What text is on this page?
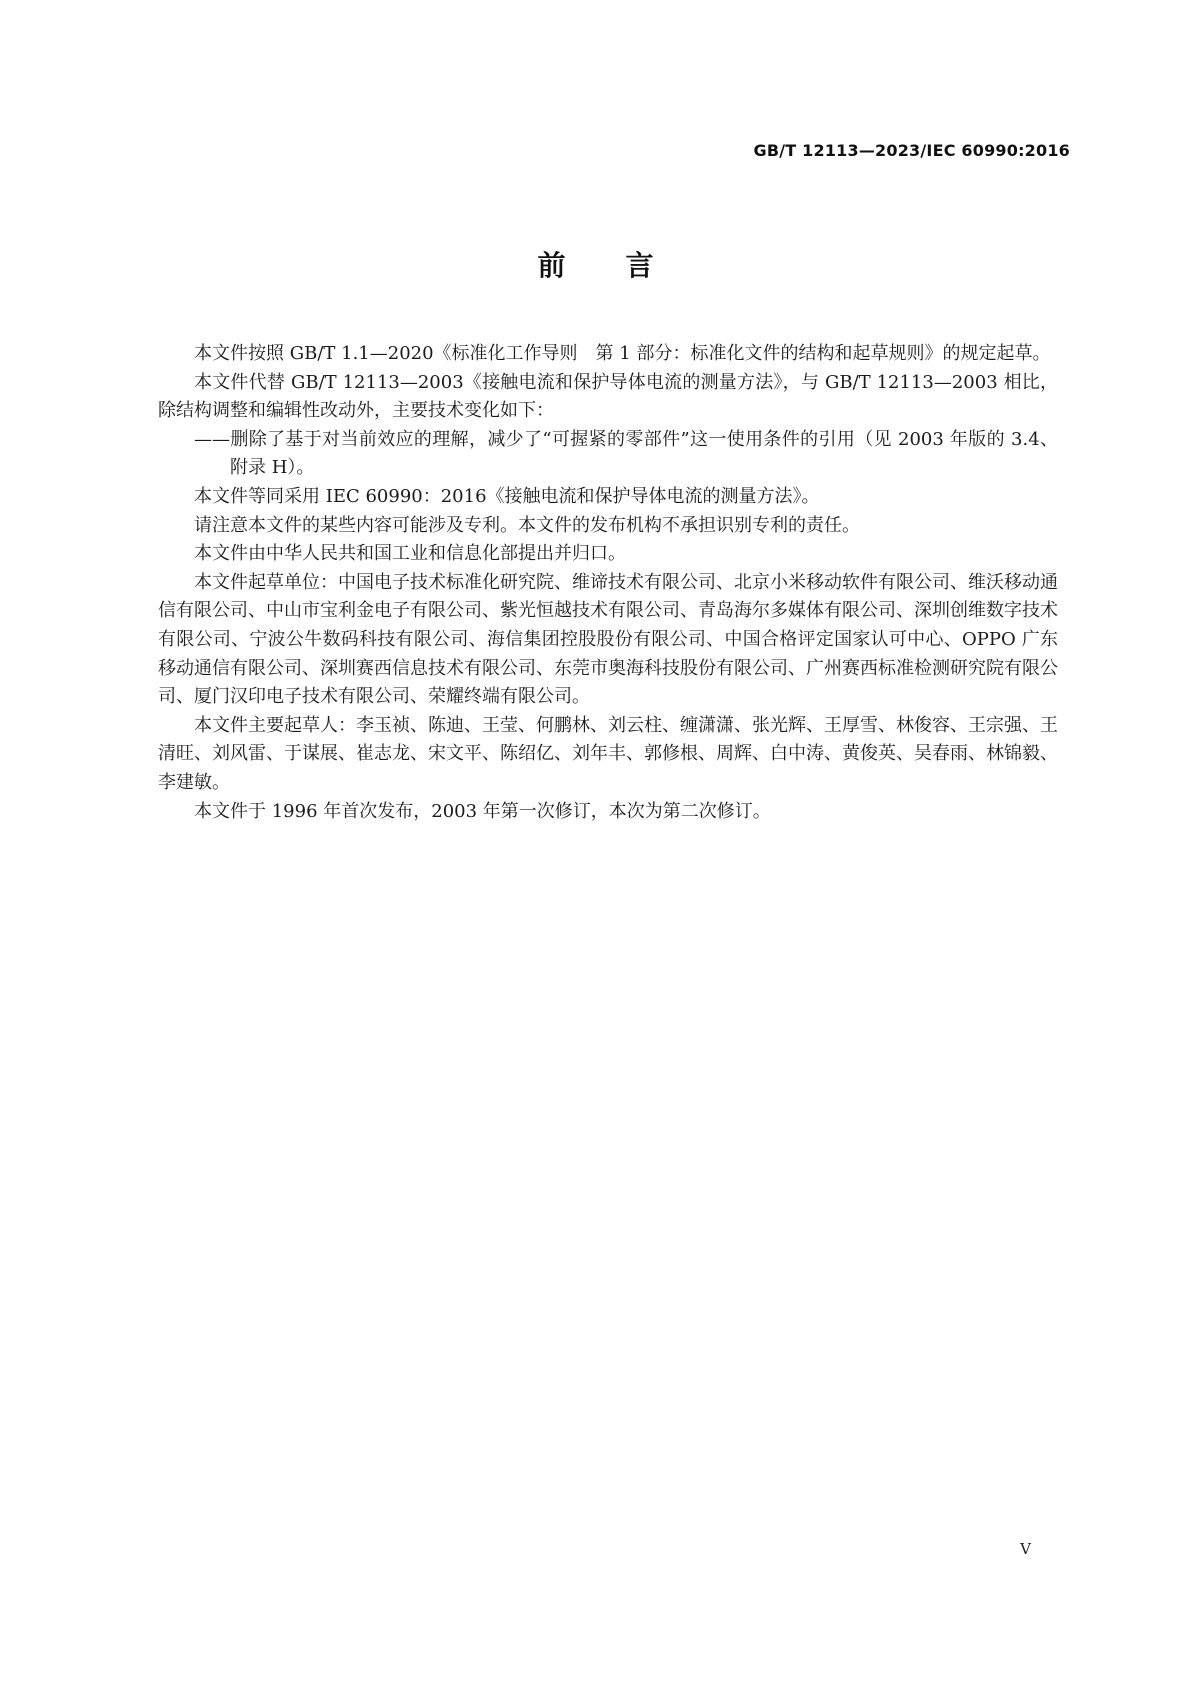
GB/T 12113—2023/IEC 60990:2016
前言

本文件按照 GB/T 1.1—2020《标准化工作导则　第 1 部分：标准化文件的结构和起草规则》的规定起草。

本文件代替 GB/T 12113—2003《接触电流和保护导体电流的测量方法》，与 GB/T 12113—2003 相比，除结构调整和编辑性改动外，主要技术变化如下：

——删除了基于对当前效应的理解，减少了“可握紧的零部件”这一使用条件的引用（见 2003 年版的 3.4、附录 H）。

本文件等同采用 IEC 60990：2016《接触电流和保护导体电流的测量方法》。

请注意本文件的某些内容可能涉及专利。本文件的发布机构不承担识别专利的责任。

本文件由中华人民共和国工业和信息化部提出并归口。

本文件起草单位：中国电子技术标准化研究院、维谛技术有限公司、北京小米移动软件有限公司、维沃移动通信有限公司、中山市宝利金电子有限公司、紫光恒越技术有限公司、青岛海尔多媒体有限公司、深圳创维数字技术有限公司、宁波公牛数码科技有限公司、海信集团控股股份有限公司、中国合格评定国家认可中心、OPPO 广东移动通信有限公司、深圳赛西信息技术有限公司、东莞市奥海科技股份有限公司、广州赛西标准检测研究院有限公司、厦门汉印电子技术有限公司、荣耀终端有限公司。

本文件主要起草人：李玉祯、陈迪、王莹、何鹏林、刘云柱、缠潇潇、张光辉、王厚雪、林俊容、王宗强、王清旺、刘风雷、于谋展、崔志龙、宋文平、陈绍亿、刘年丰、郭修根、周辉、白中涛、黄俊英、吴春雨、林锦毅、李建敏。

本文件于 1996 年首次发布，2003 年第一次修订，本次为第二次修订。

V
